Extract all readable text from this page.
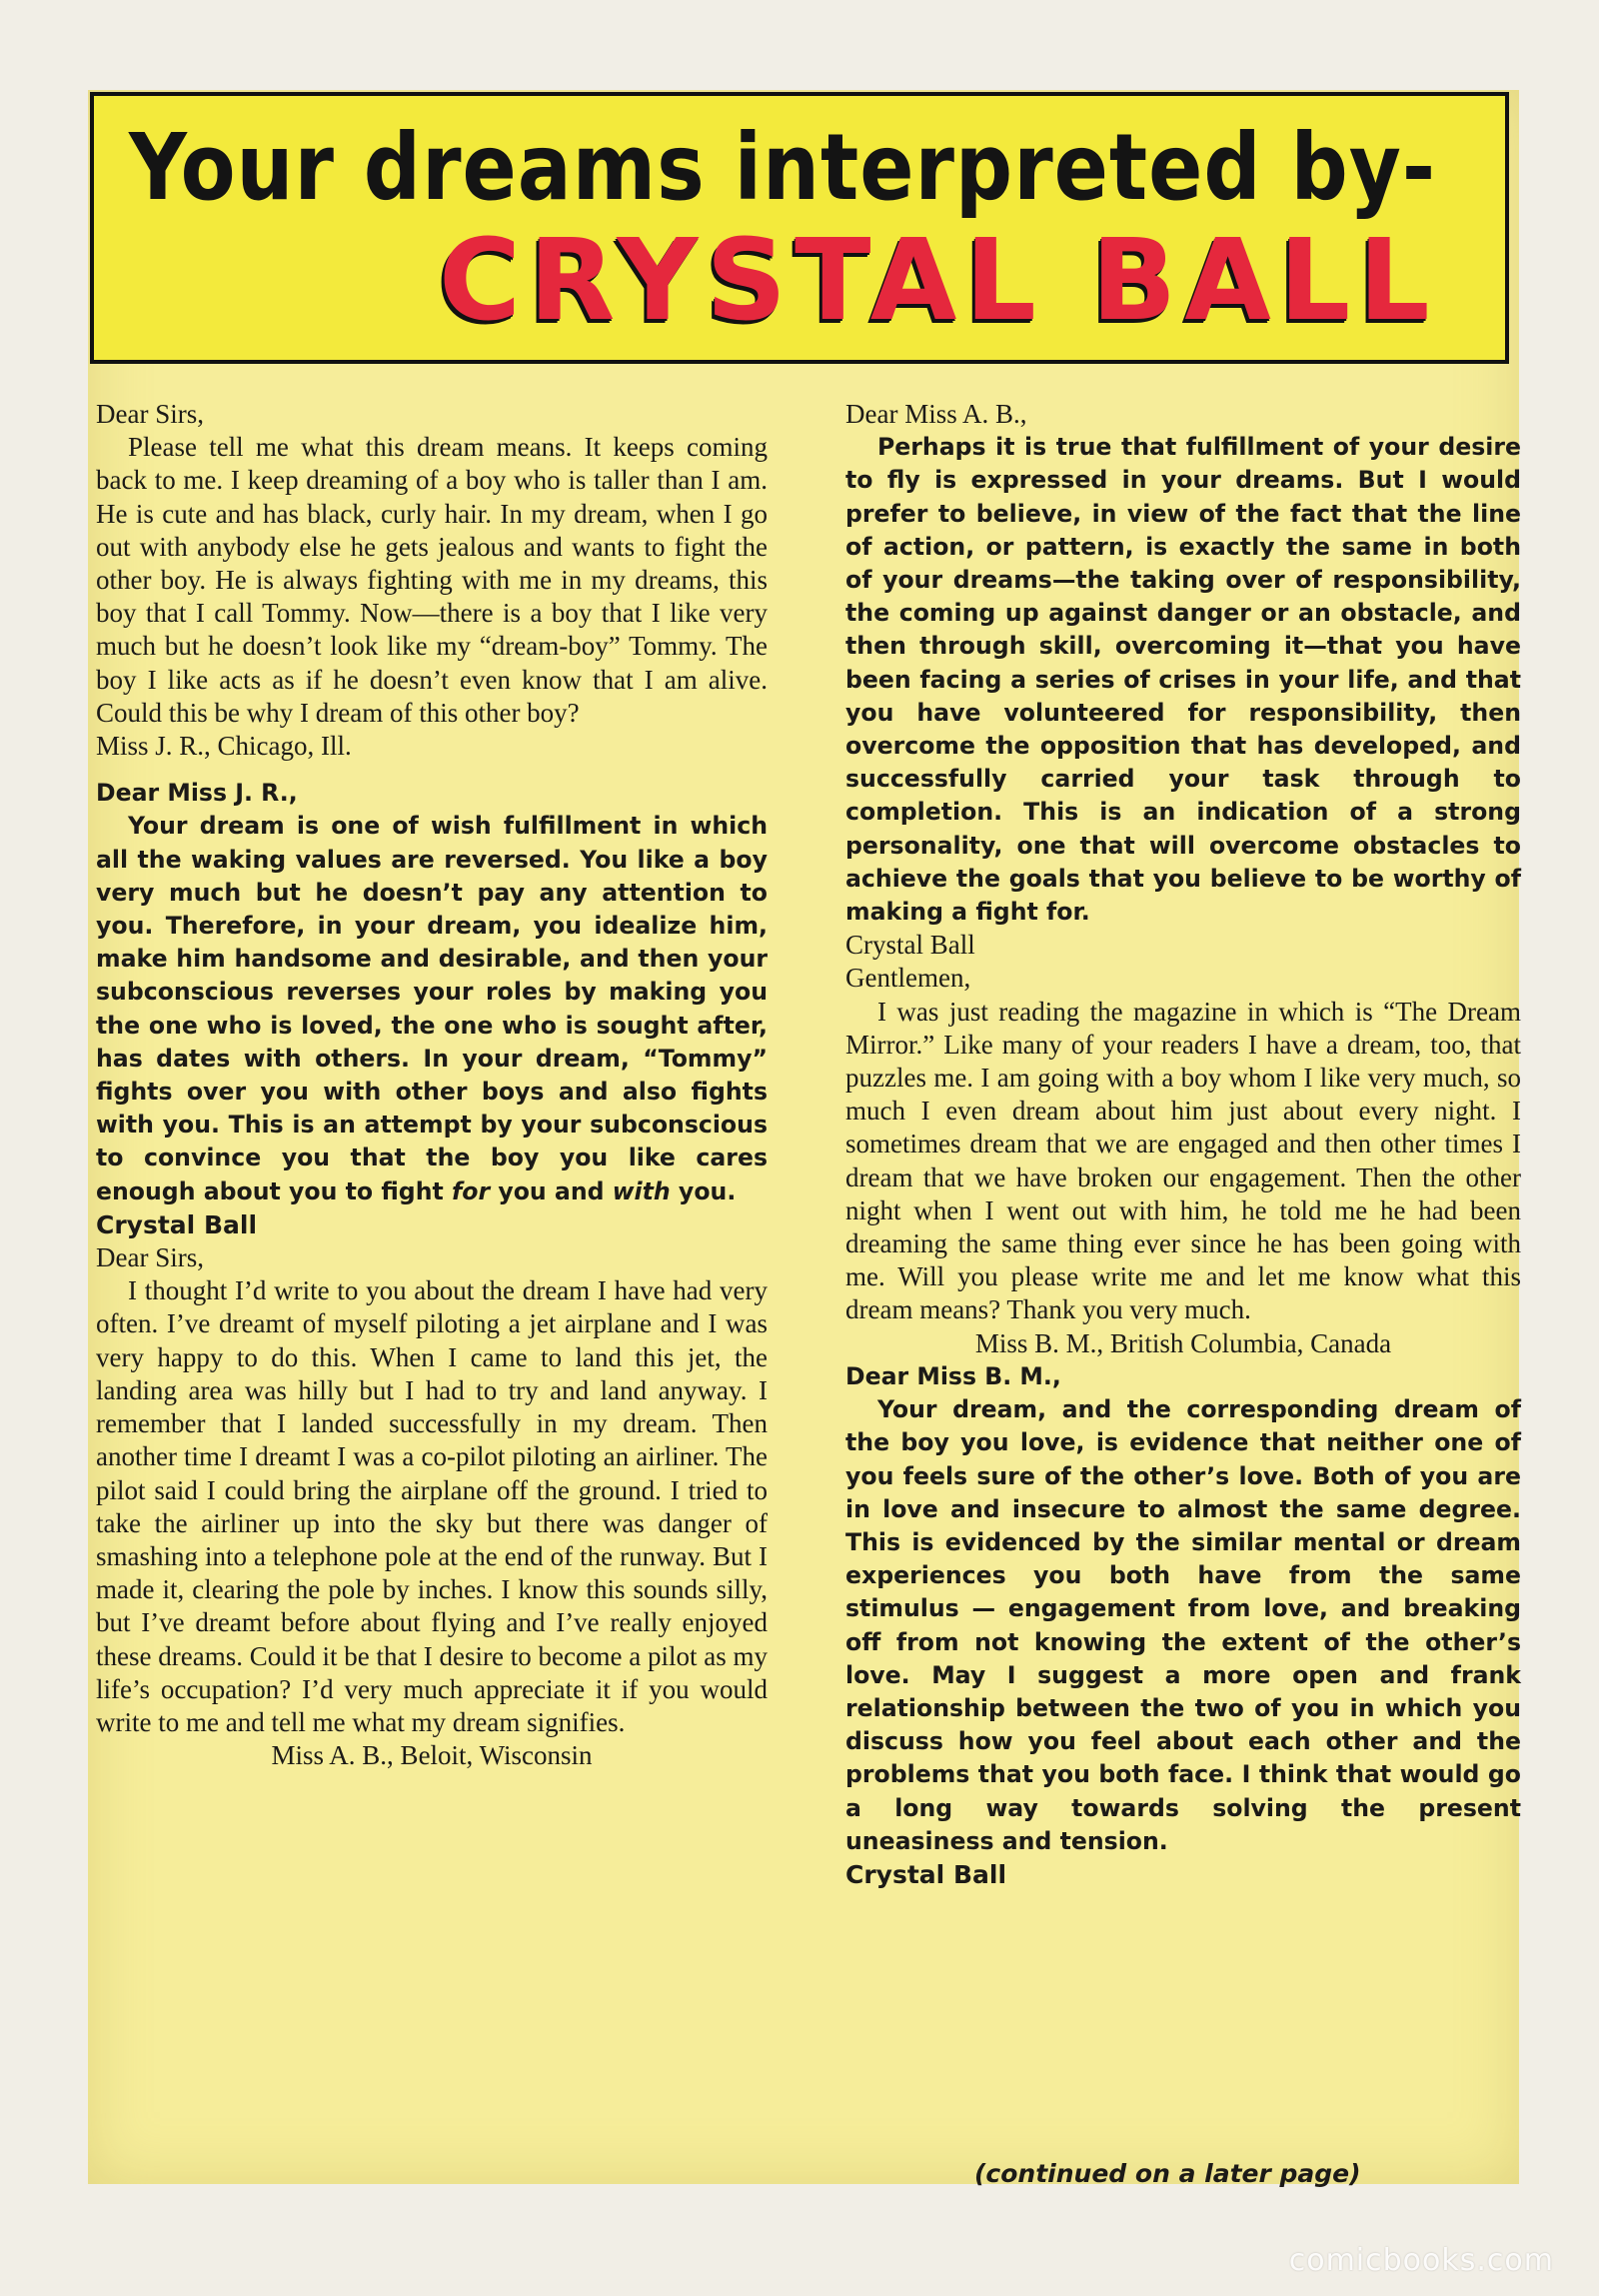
Your dreams interpreted by-
CRYSTAL BALL

Dear Sirs,

Please tell me what this dream means. It keeps coming back to me. I keep dreaming of a boy who is taller than I am. He is cute and has black, curly hair. In my dream, when I go out with anybody else he gets jealous and wants to fight the other boy. He is always fighting with me in my dreams, this boy that I call Tommy. Now—there is a boy that I like very much but he doesn’t look like my “dream-boy” Tommy. The boy I like acts as if he doesn’t even know that I am alive. Could this be why I dream of this other boy?

Miss J. R., Chicago, Ill.

Dear Miss J. R.,

Your dream is one of wish fulfillment in which all the waking values are reversed. You like a boy very much but he doesn’t pay any attention to you. Therefore, in your dream, you idealize him, make him handsome and desirable, and then your subconscious reverses your roles by making you the one who is loved, the one who is sought after, has dates with others. In your dream, “Tommy” fights over you with other boys and also fights with you. This is an attempt by your subconscious to convince you that the boy you like cares enough about you to fight for you and with you.

Crystal Ball

Dear Sirs,

I thought I’d write to you about the dream I have had very often. I’ve dreamt of myself piloting a jet airplane and I was very happy to do this. When I came to land this jet, the landing area was hilly but I had to try and land anyway. I remember that I landed successfully in my dream. Then another time I dreamt I was a co-pilot piloting an airliner. The pilot said I could bring the airplane off the ground. I tried to take the airliner up into the sky but there was danger of smashing into a telephone pole at the end of the runway. But I made it, clearing the pole by inches. I know this sounds silly, but I’ve dreamt before about flying and I’ve really enjoyed these dreams. Could it be that I desire to become a pilot as my life’s occupation? I’d very much appreciate it if you would write to me and tell me what my dream signifies.

Miss A. B., Beloit, Wisconsin

Dear Miss A. B.,

Perhaps it is true that fulfillment of your desire to fly is expressed in your dreams. But I would prefer to believe, in view of the fact that the line of action, or pattern, is exactly the same in both of your dreams—the taking over of responsibility, the coming up against danger or an obstacle, and then through skill, overcoming it—that you have been facing a series of crises in your life, and that you have volunteered for responsibility, then overcome the opposition that has developed, and successfully carried your task through to completion. This is an indication of a strong personality, one that will overcome obstacles to achieve the goals that you believe to be worthy of making a fight for.

Crystal Ball

Gentlemen,

I was just reading the magazine in which is “The Dream Mirror.” Like many of your readers I have a dream, too, that puzzles me. I am going with a boy whom I like very much, so much I even dream about him just about every night. I sometimes dream that we are engaged and then other times I dream that we have broken our engagement. Then the other night when I went out with him, he told me he had been dreaming the same thing ever since he has been going with me. Will you please write me and let me know what this dream means? Thank you very much.

Miss B. M., British Columbia, Canada

Dear Miss B. M.,

Your dream, and the corresponding dream of the boy you love, is evidence that neither one of you feels sure of the other’s love. Both of you are in love and insecure to almost the same degree. This is evidenced by the similar mental or dream experiences you both have from the same stimulus — engagement from love, and breaking off from not knowing the extent of the other’s love. May I suggest a more open and frank relationship between the two of you in which you discuss how you feel about each other and the problems that you both face. I think that would go a long way towards solving the present uneasiness and tension.

Crystal Ball

(continued on a later page)
comicbooks.com
